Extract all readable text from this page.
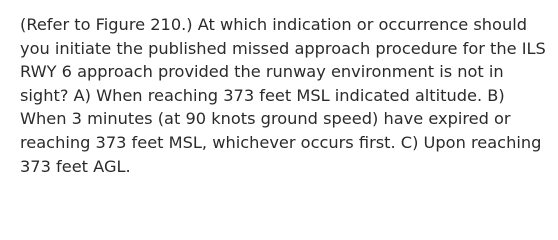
(Refer to Figure 210.) At which indication or occurrence should
you initiate the published missed approach procedure for the ILS
RWY 6 approach provided the runway environment is not in
sight? A) When reaching 373 feet MSL indicated altitude. B)
When 3 minutes (at 90 knots ground speed) have expired or
reaching 373 feet MSL, whichever occurs first. C) Upon reaching
373 feet AGL.
